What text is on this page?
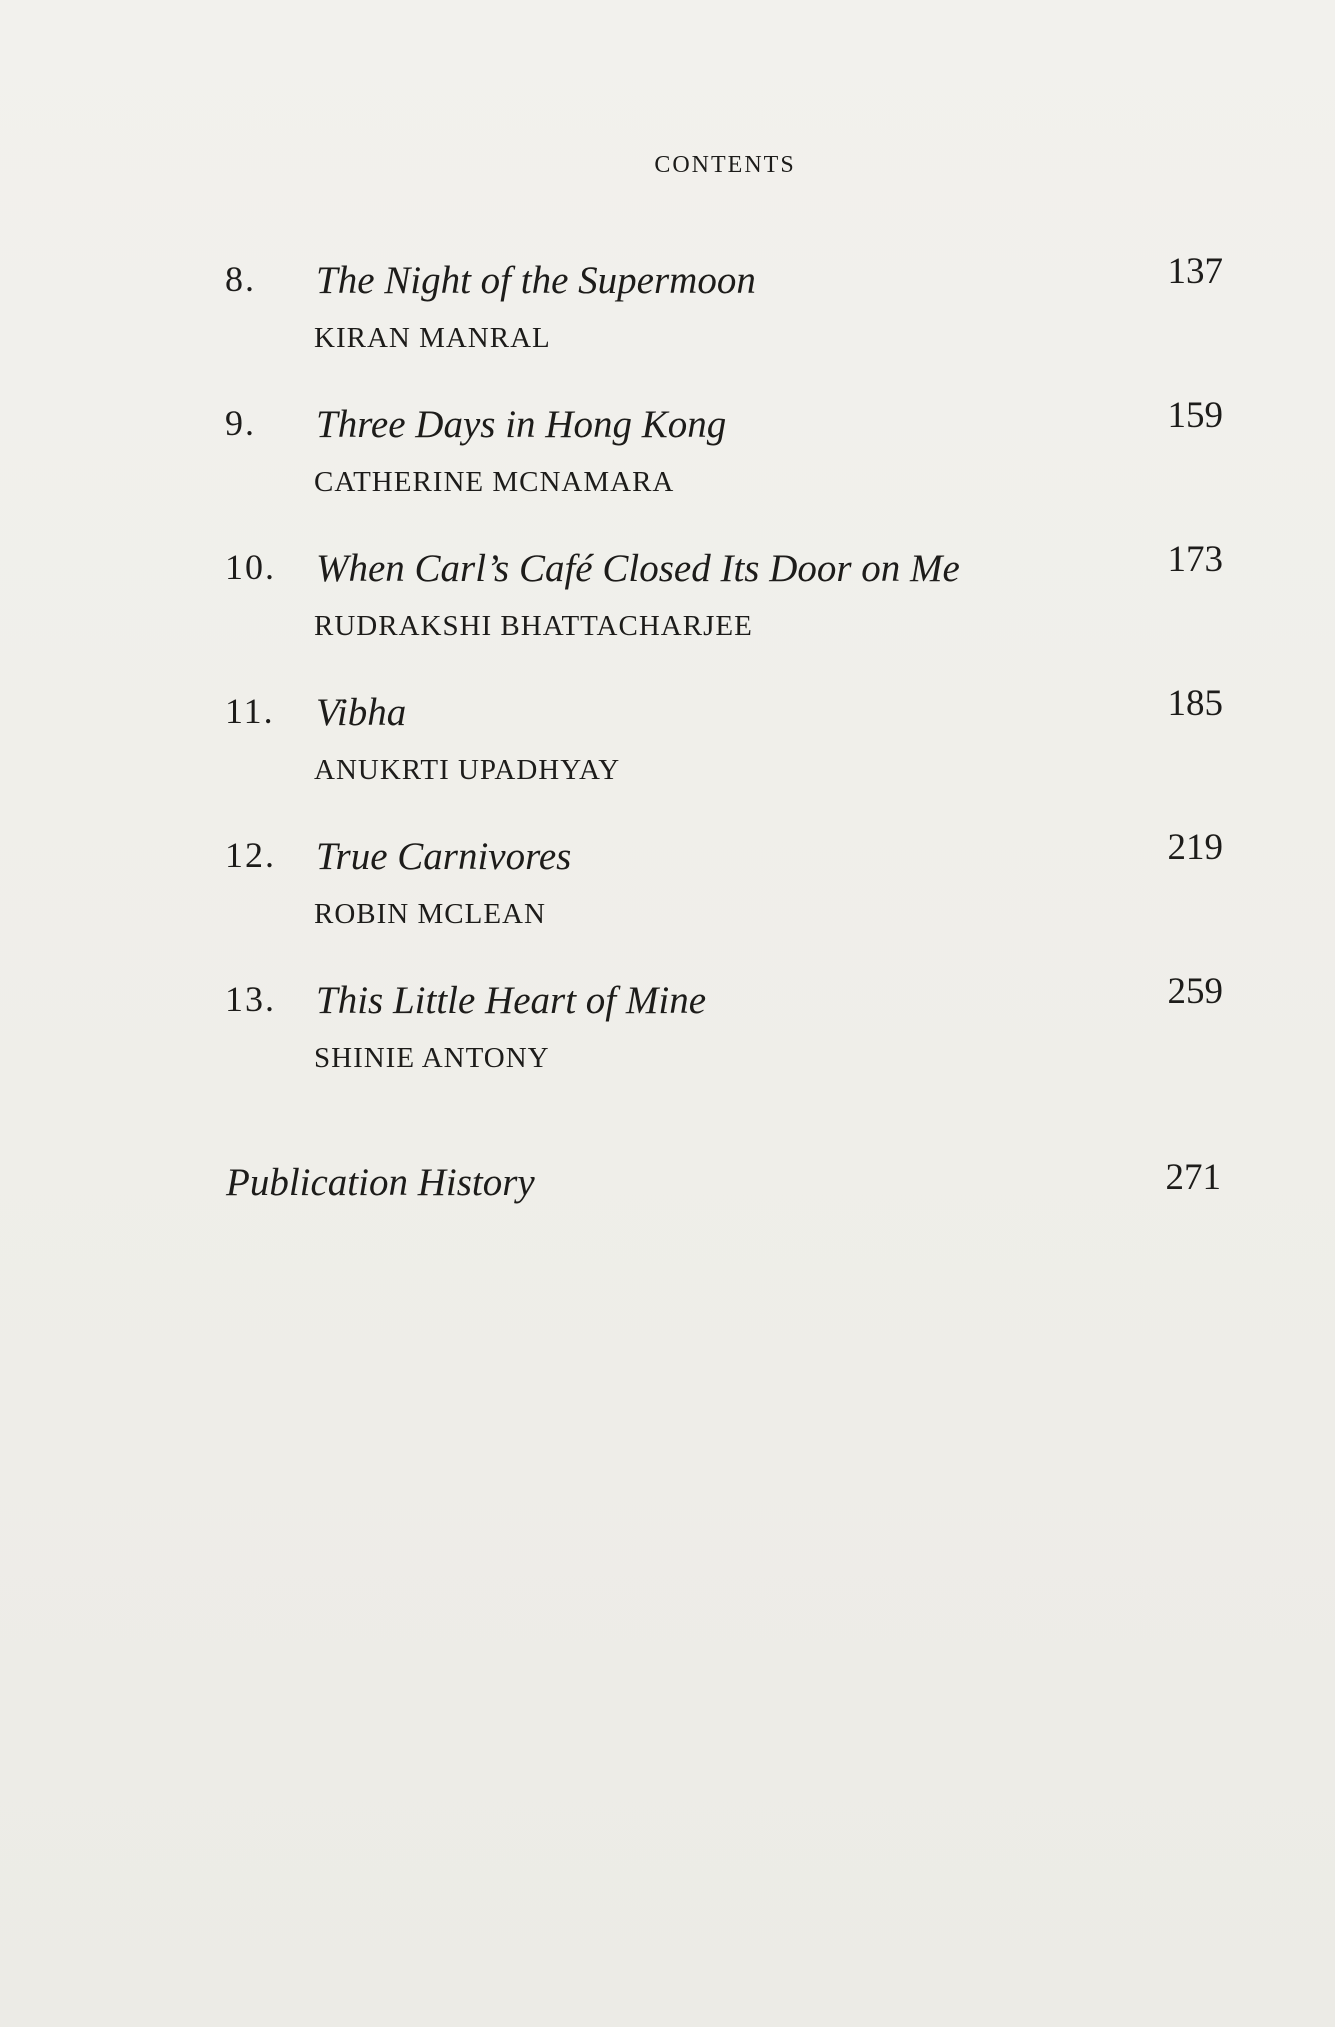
CONTENTS
8. The Night of the Supermoon
KIRAN MANRAL
137
9. Three Days in Hong Kong
CATHERINE MCNAMARA
159
10. When Carl’s Café Closed Its Door on Me
RUDRAKSHI BHATTACHARJEE
173
11. Vibha
ANUKRTI UPADHYAY
185
12. True Carnivores
ROBIN MCLEAN
219
13. This Little Heart of Mine
SHINIE ANTONY
259
Publication History	271
